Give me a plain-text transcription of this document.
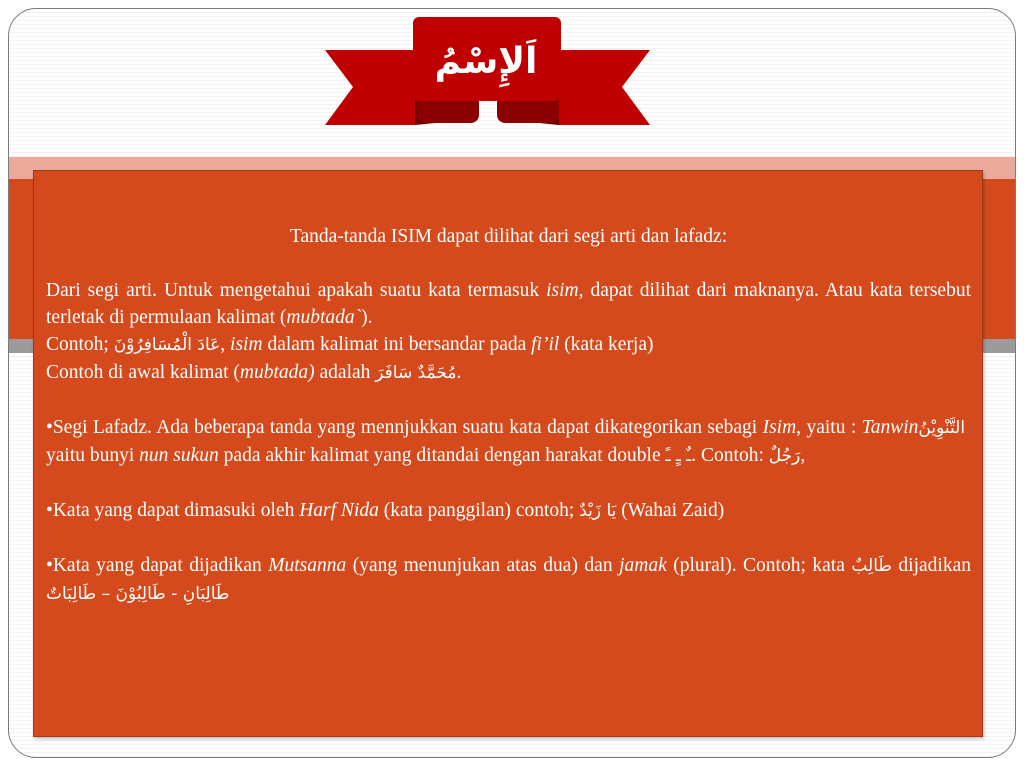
اَلإِسْمُ

Tanda-tanda ISIM dapat dilihat dari segi arti dan lafadz:

Dari segi arti. Untuk mengetahui apakah suatu kata termasuk isim, dapat dilihat dari maknanya. Atau kata tersebut terletak di permulaan kalimat (mubtada`).

Contoh; عَادَ الْمُسَافِرُوْنَ, isim dalam kalimat ini bersandar pada fi’il (kata kerja)

Contoh di awal kalimat (mubtada) adalah مُحَمَّدٌ سَافَرَ.

•Segi Lafadz. Ada beberapa tanda yang mennjukkan suatu kata dapat dikategorikan sebagi Isim, yaitu : Tanwin التَّنْوِيْنُ yaitu bunyi nun sukun pada akhir kalimat yang ditandai dengan harakat double ـٌ ـٍ ـً. Contoh: رَجُلٌ,

•Kata yang dapat dimasuki oleh Harf Nida (kata panggilan) contoh; يَا زَيْدٌ (Wahai Zaid)

•Kata yang dapat dijadikan Mutsanna (yang menunjukan atas dua) dan jamak (plural). Contoh; kata طَالِبٌ dijadikan طَالِبَانِ - طَالِبُوْنَ – طَالِبَاتٌ
